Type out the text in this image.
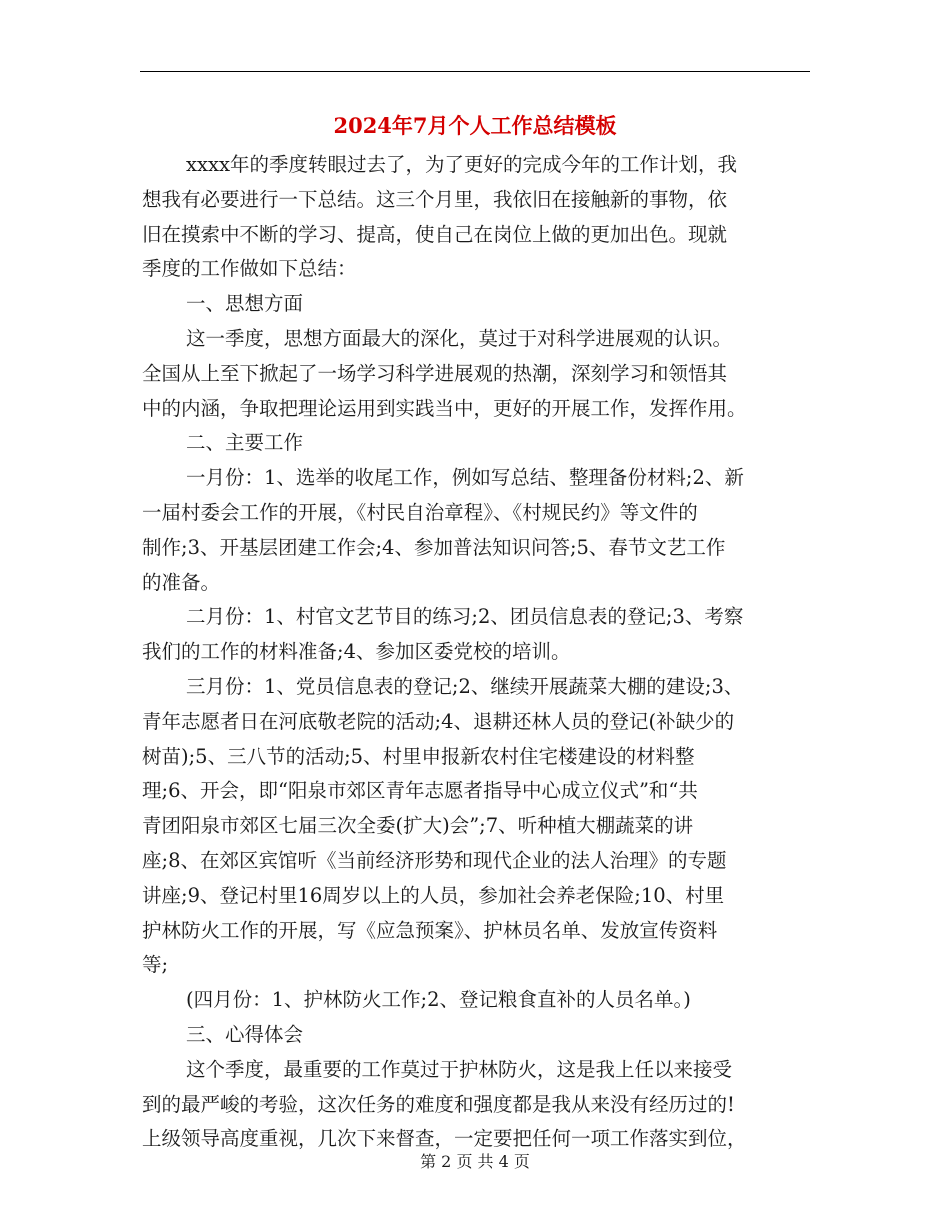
2024年7月个人工作总结模板
xxxx年的季度转眼过去了，为了更好的完成今年的工作计划，我
想我有必要进行一下总结。这三个月里，我依旧在接触新的事物，依
旧在摸索中不断的学习、提高，使自己在岗位上做的更加出色。现就
季度的工作做如下总结：
一、思想方面
这一季度，思想方面最大的深化，莫过于对科学进展观的认识。
全国从上至下掀起了一场学习科学进展观的热潮，深刻学习和领悟其
中的内涵，争取把理论运用到实践当中，更好的开展工作，发挥作用。
二、主要工作
一月份：1、选举的收尾工作，例如写总结、整理备份材料;2、新
一届村委会工作的开展，《村民自治章程》、《村规民约》等文件的
制作;3、开基层团建工作会;4、参加普法知识问答;5、春节文艺工作
的准备。
二月份：1、村官文艺节目的练习;2、团员信息表的登记;3、考察
我们的工作的材料准备;4、参加区委党校的培训。
三月份：1、党员信息表的登记;2、继续开展蔬菜大棚的建设;3、
青年志愿者日在河底敬老院的活动;4、退耕还林人员的登记(补缺少的
树苗);5、三八节的活动;5、村里申报新农村住宅楼建设的材料整
理;6、开会，即“阳泉市郊区青年志愿者指导中心成立仪式”和“共
青团阳泉市郊区七届三次全委(扩大)会”;7、听种植大棚蔬菜的讲
座;8、在郊区宾馆听《当前经济形势和现代企业的法人治理》的专题
讲座;9、登记村里16周岁以上的人员，参加社会养老保险;10、村里
护林防火工作的开展，写《应急预案》、护林员名单、发放宣传资料
等;
(四月份：1、护林防火工作;2、登记粮食直补的人员名单。)
三、心得体会
这个季度，最重要的工作莫过于护林防火，这是我上任以来接受
到的最严峻的考验，这次任务的难度和强度都是我从来没有经历过的!
上级领导高度重视，几次下来督查，一定要把任何一项工作落实到位，
第 2 页 共 4 页
